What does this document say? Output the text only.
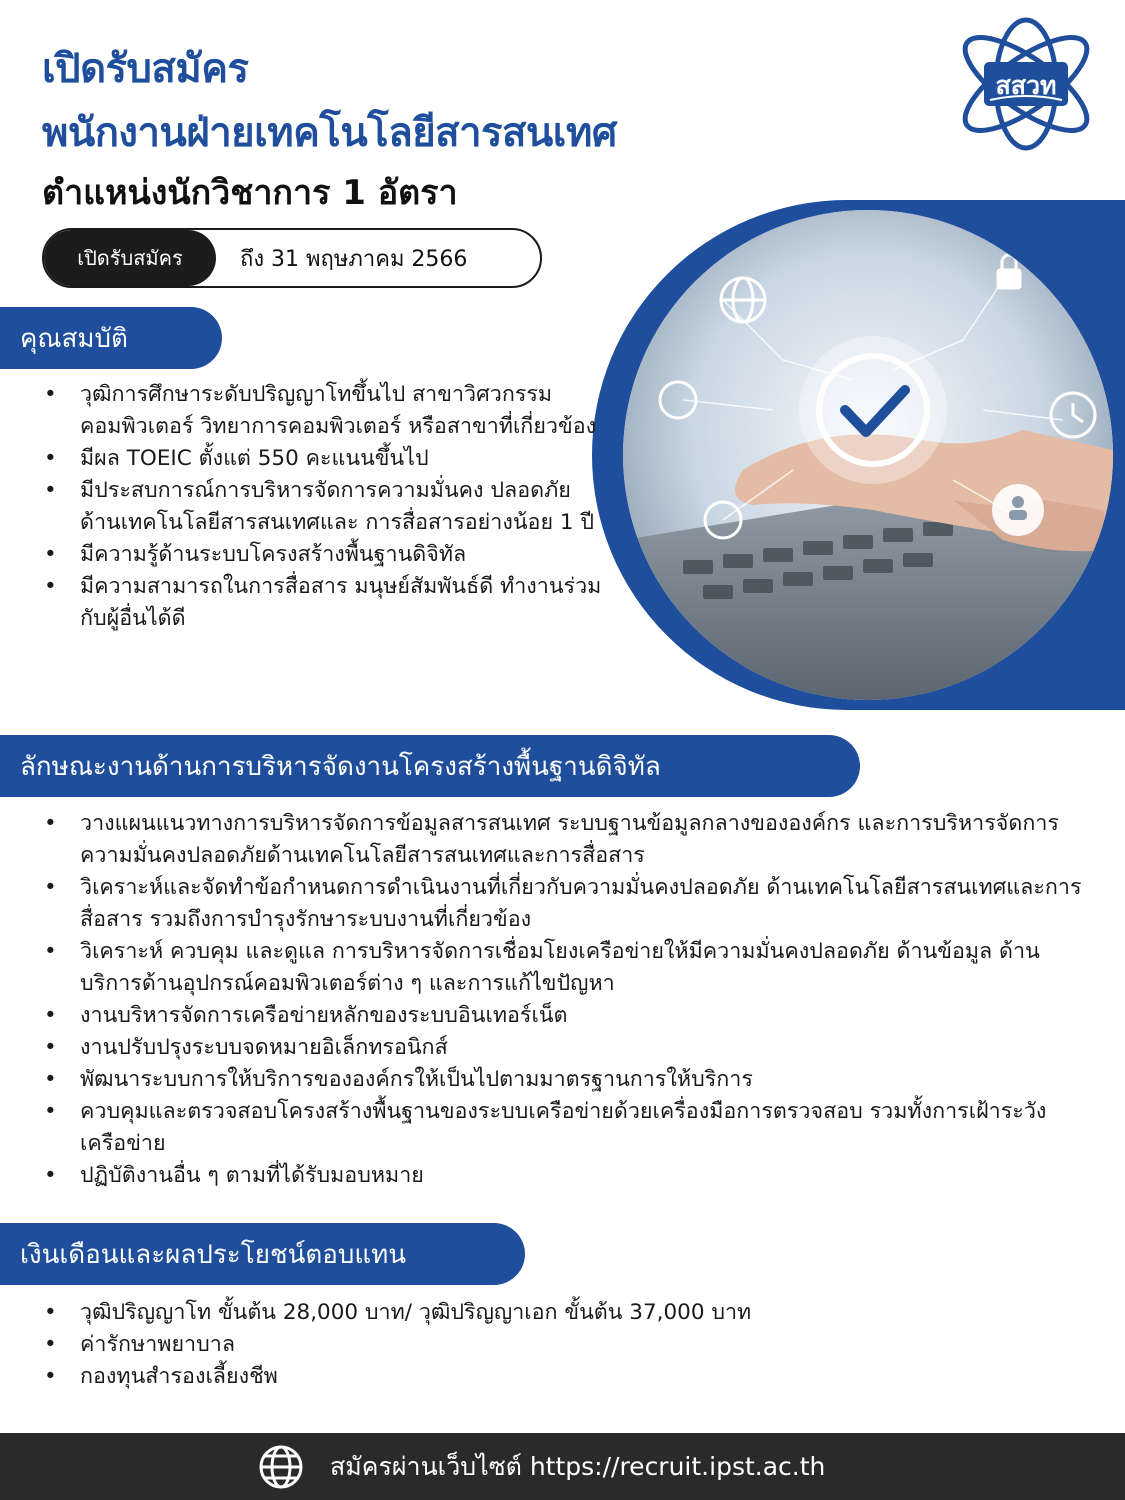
เปิดรับสมัคร
พนักงานฝ่ายเทคโนโลยีสารสนเทศ
ตำแหน่งนักวิชาการ 1 อัตรา
สสวท
เปิดรับสมัคร	ถึง 31 พฤษภาคม 2566
คุณสมบัติ
• วุฒิการศึกษาระดับปริญญาโทขึ้นไป สาขาวิศวกรรมคอมพิวเตอร์ วิทยาการคอมพิวเตอร์ หรือสาขาที่เกี่ยวข้อง
• มีผล TOEIC ตั้งแต่ 550 คะแนนขึ้นไป
• มีประสบการณ์การบริหารจัดการความมั่นคง ปลอดภัยด้านเทคโนโลยีสารสนเทศและ การสื่อสารอย่างน้อย 1 ปี
• มีความรู้ด้านระบบโครงสร้างพื้นฐานดิจิทัล
• มีความสามารถในการสื่อสาร มนุษย์สัมพันธ์ดี ทำงานร่วมกับผู้อื่นได้ดี
ลักษณะงานด้านการบริหารจัดงานโครงสร้างพื้นฐานดิจิทัล
• วางแผนแนวทางการบริหารจัดการข้อมูลสารสนเทศ ระบบฐานข้อมูลกลางขององค์กร และการบริหารจัดการความมั่นคงปลอดภัยด้านเทคโนโลยีสารสนเทศและการสื่อสาร
• วิเคราะห์และจัดทำข้อกำหนดการดำเนินงานที่เกี่ยวกับความมั่นคงปลอดภัย ด้านเทคโนโลยีสารสนเทศและการสื่อสาร รวมถึงการบำรุงรักษาระบบงานที่เกี่ยวข้อง
• วิเคราะห์ ควบคุม และดูแล การบริหารจัดการเชื่อมโยงเครือข่ายให้มีความมั่นคงปลอดภัย ด้านข้อมูล ด้านบริการด้านอุปกรณ์คอมพิวเตอร์ต่าง ๆ และการแก้ไขปัญหา
• งานบริหารจัดการเครือข่ายหลักของระบบอินเทอร์เน็ต
• งานปรับปรุงระบบจดหมายอิเล็กทรอนิกส์
• พัฒนาระบบการให้บริการขององค์กรให้เป็นไปตามมาตรฐานการให้บริการ
• ควบคุมและตรวจสอบโครงสร้างพื้นฐานของระบบเครือข่ายด้วยเครื่องมือการตรวจสอบ รวมทั้งการเฝ้าระวังเครือข่าย
• ปฏิบัติงานอื่น ๆ ตามที่ได้รับมอบหมาย
เงินเดือนและผลประโยชน์ตอบแทน
• วุฒิปริญญาโท ขั้นต้น 28,000 บาท/ วุฒิปริญญาเอก ขั้นต้น 37,000 บาท
• ค่ารักษาพยาบาล
• กองทุนสำรองเลี้ยงชีพ
สมัครผ่านเว็บไซต์ https://recruit.ipst.ac.th
